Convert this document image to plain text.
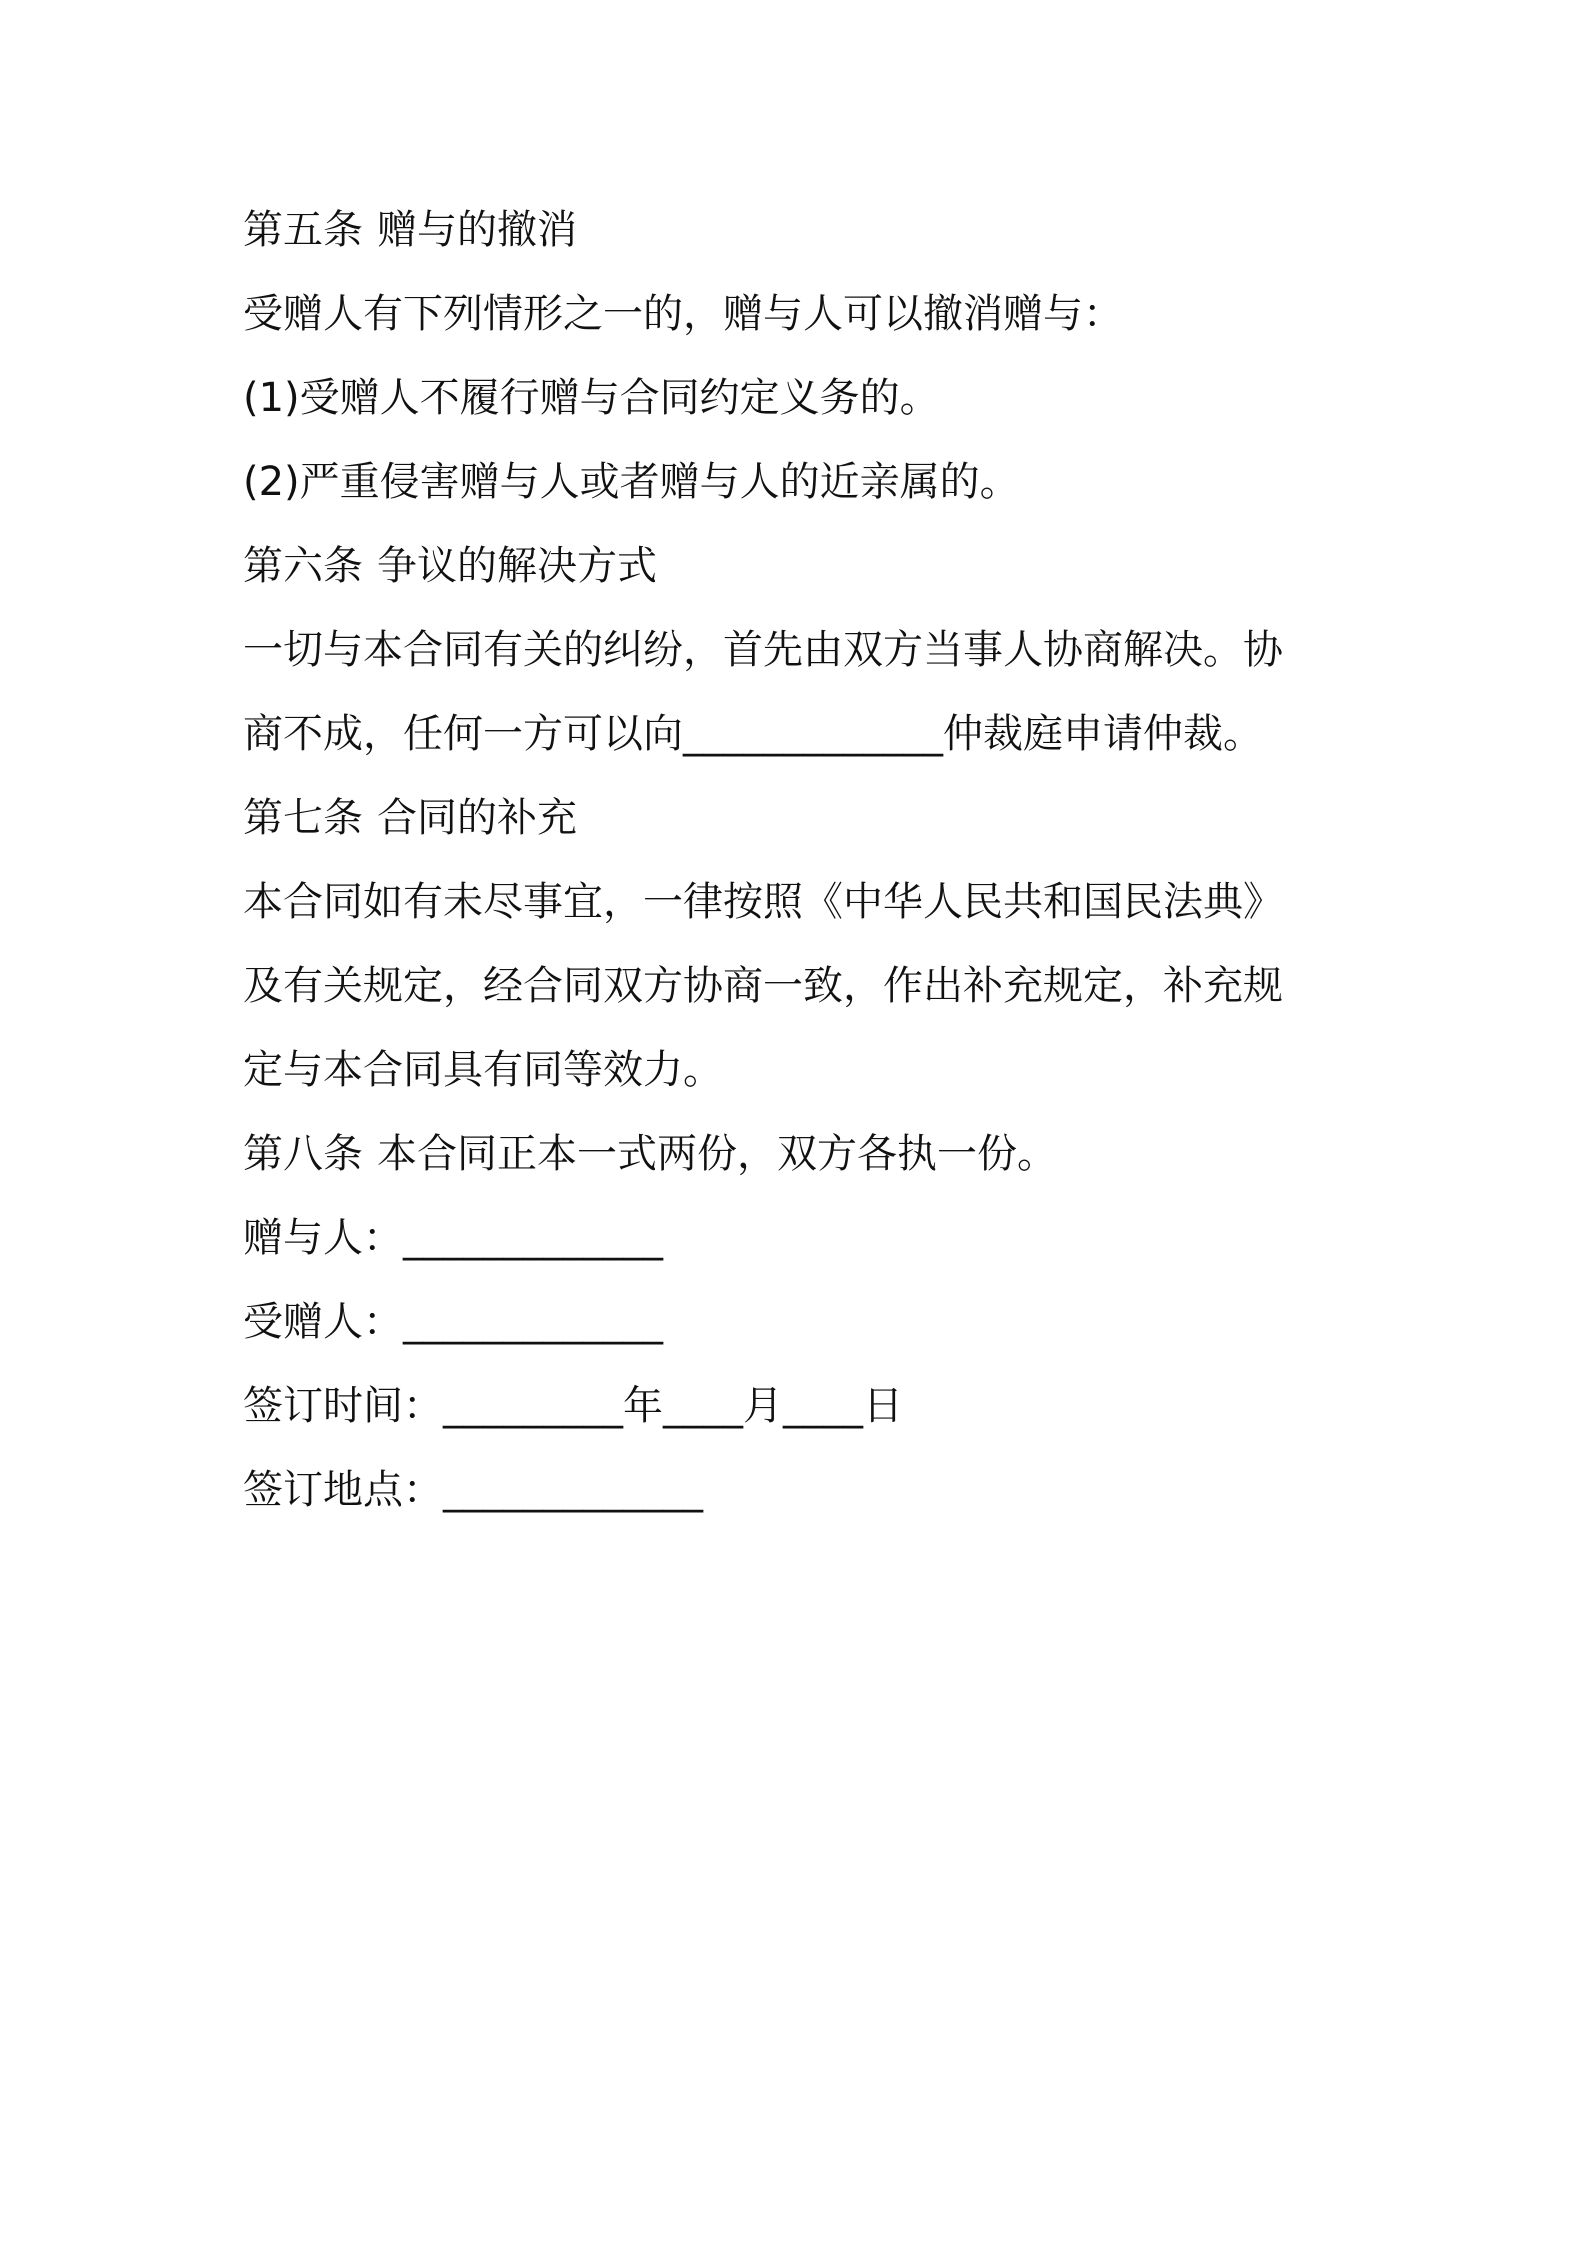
第五条 赠与的撤消
受赠人有下列情形之一的，赠与人可以撤消赠与：
(1)受赠人不履行赠与合同约定义务的。
(2)严重侵害赠与人或者赠与人的近亲属的。
第六条 争议的解决方式
一切与本合同有关的纠纷，首先由双方当事人协商解决。协
商不成，任何一方可以向_____________仲裁庭申请仲裁。
第七条 合同的补充
本合同如有未尽事宜，一律按照《中华人民共和国民法典》
及有关规定，经合同双方协商一致，作出补充规定，补充规
定与本合同具有同等效力。
第八条 本合同正本一式两份，双方各执一份。
赠与人：_____________
受赠人：_____________
签订时间：_________年____月____日
签订地点：_____________
